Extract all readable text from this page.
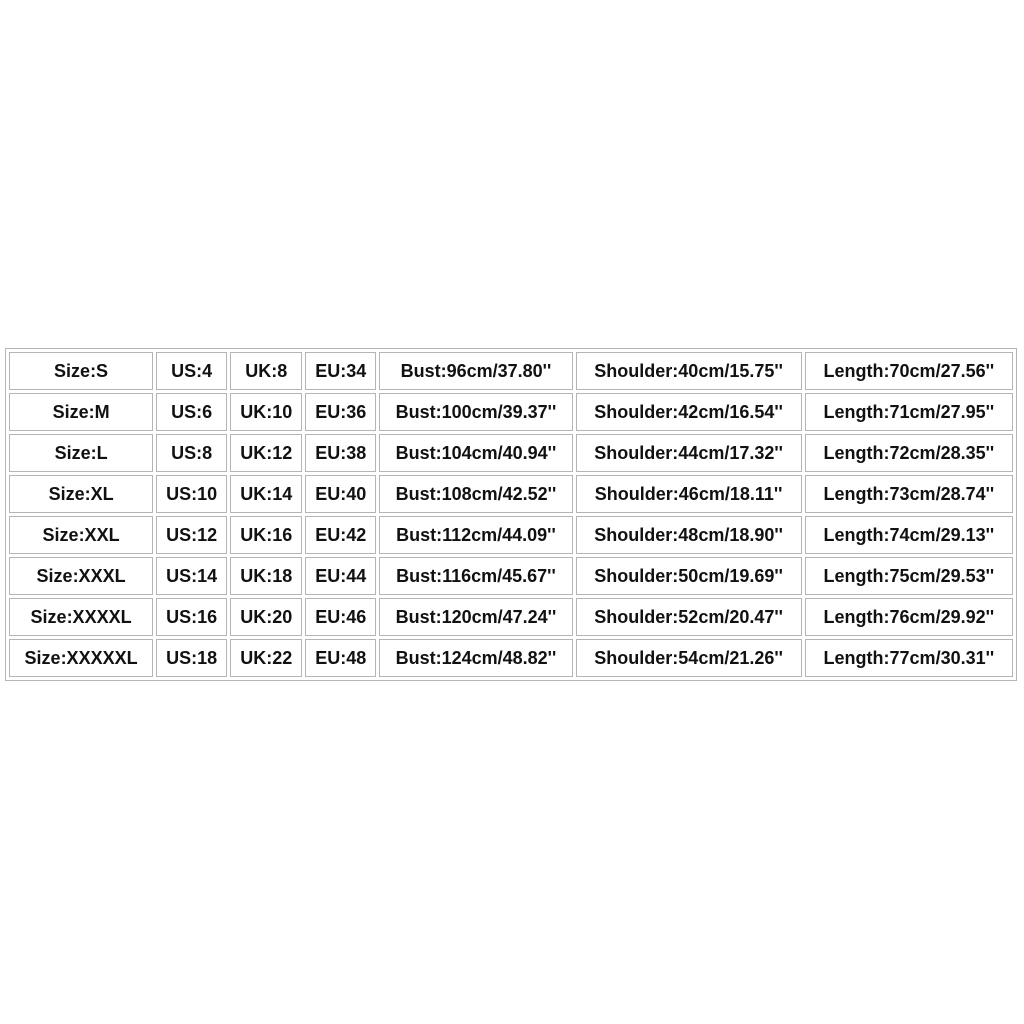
Size:S	US:4	UK:8	EU:34	Bust:96cm/37.80''	Shoulder:40cm/15.75''	Length:70cm/27.56''
Size:M	US:6	UK:10	EU:36	Bust:100cm/39.37''	Shoulder:42cm/16.54''	Length:71cm/27.95''
Size:L	US:8	UK:12	EU:38	Bust:104cm/40.94''	Shoulder:44cm/17.32''	Length:72cm/28.35''
Size:XL	US:10	UK:14	EU:40	Bust:108cm/42.52''	Shoulder:46cm/18.11''	Length:73cm/28.74''
Size:XXL	US:12	UK:16	EU:42	Bust:112cm/44.09''	Shoulder:48cm/18.90''	Length:74cm/29.13''
Size:XXXL	US:14	UK:18	EU:44	Bust:116cm/45.67''	Shoulder:50cm/19.69''	Length:75cm/29.53''
Size:XXXXL	US:16	UK:20	EU:46	Bust:120cm/47.24''	Shoulder:52cm/20.47''	Length:76cm/29.92''
Size:XXXXXL	US:18	UK:22	EU:48	Bust:124cm/48.82''	Shoulder:54cm/21.26''	Length:77cm/30.31''
